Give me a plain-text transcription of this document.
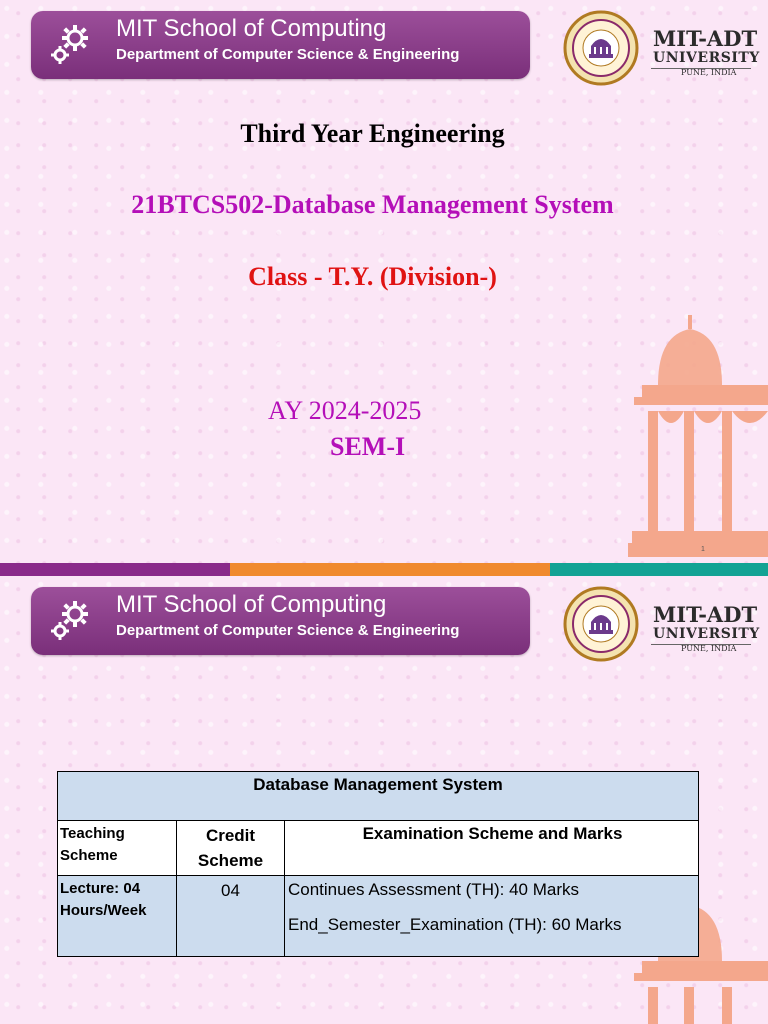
MIT School of Computing
Department of Computer Science & Engineering
MIT-ADT
UNIVERSITY
PUNE, INDIA
Third Year Engineering
21BTCS502-Database Management System
Class - T.Y. (Division-)
AY 2024-2025
SEM-I
1
MIT School of Computing
Department of Computer Science & Engineering
MIT-ADT
UNIVERSITY
PUNE, INDIA
Database Management System		
Teaching Scheme	Credit Scheme	Examination Scheme and Marks
Lecture: 04 Hours/Week	04	Continues Assessment (TH): 40 Marks
End_Semester_Examination (TH): 60 Marks
